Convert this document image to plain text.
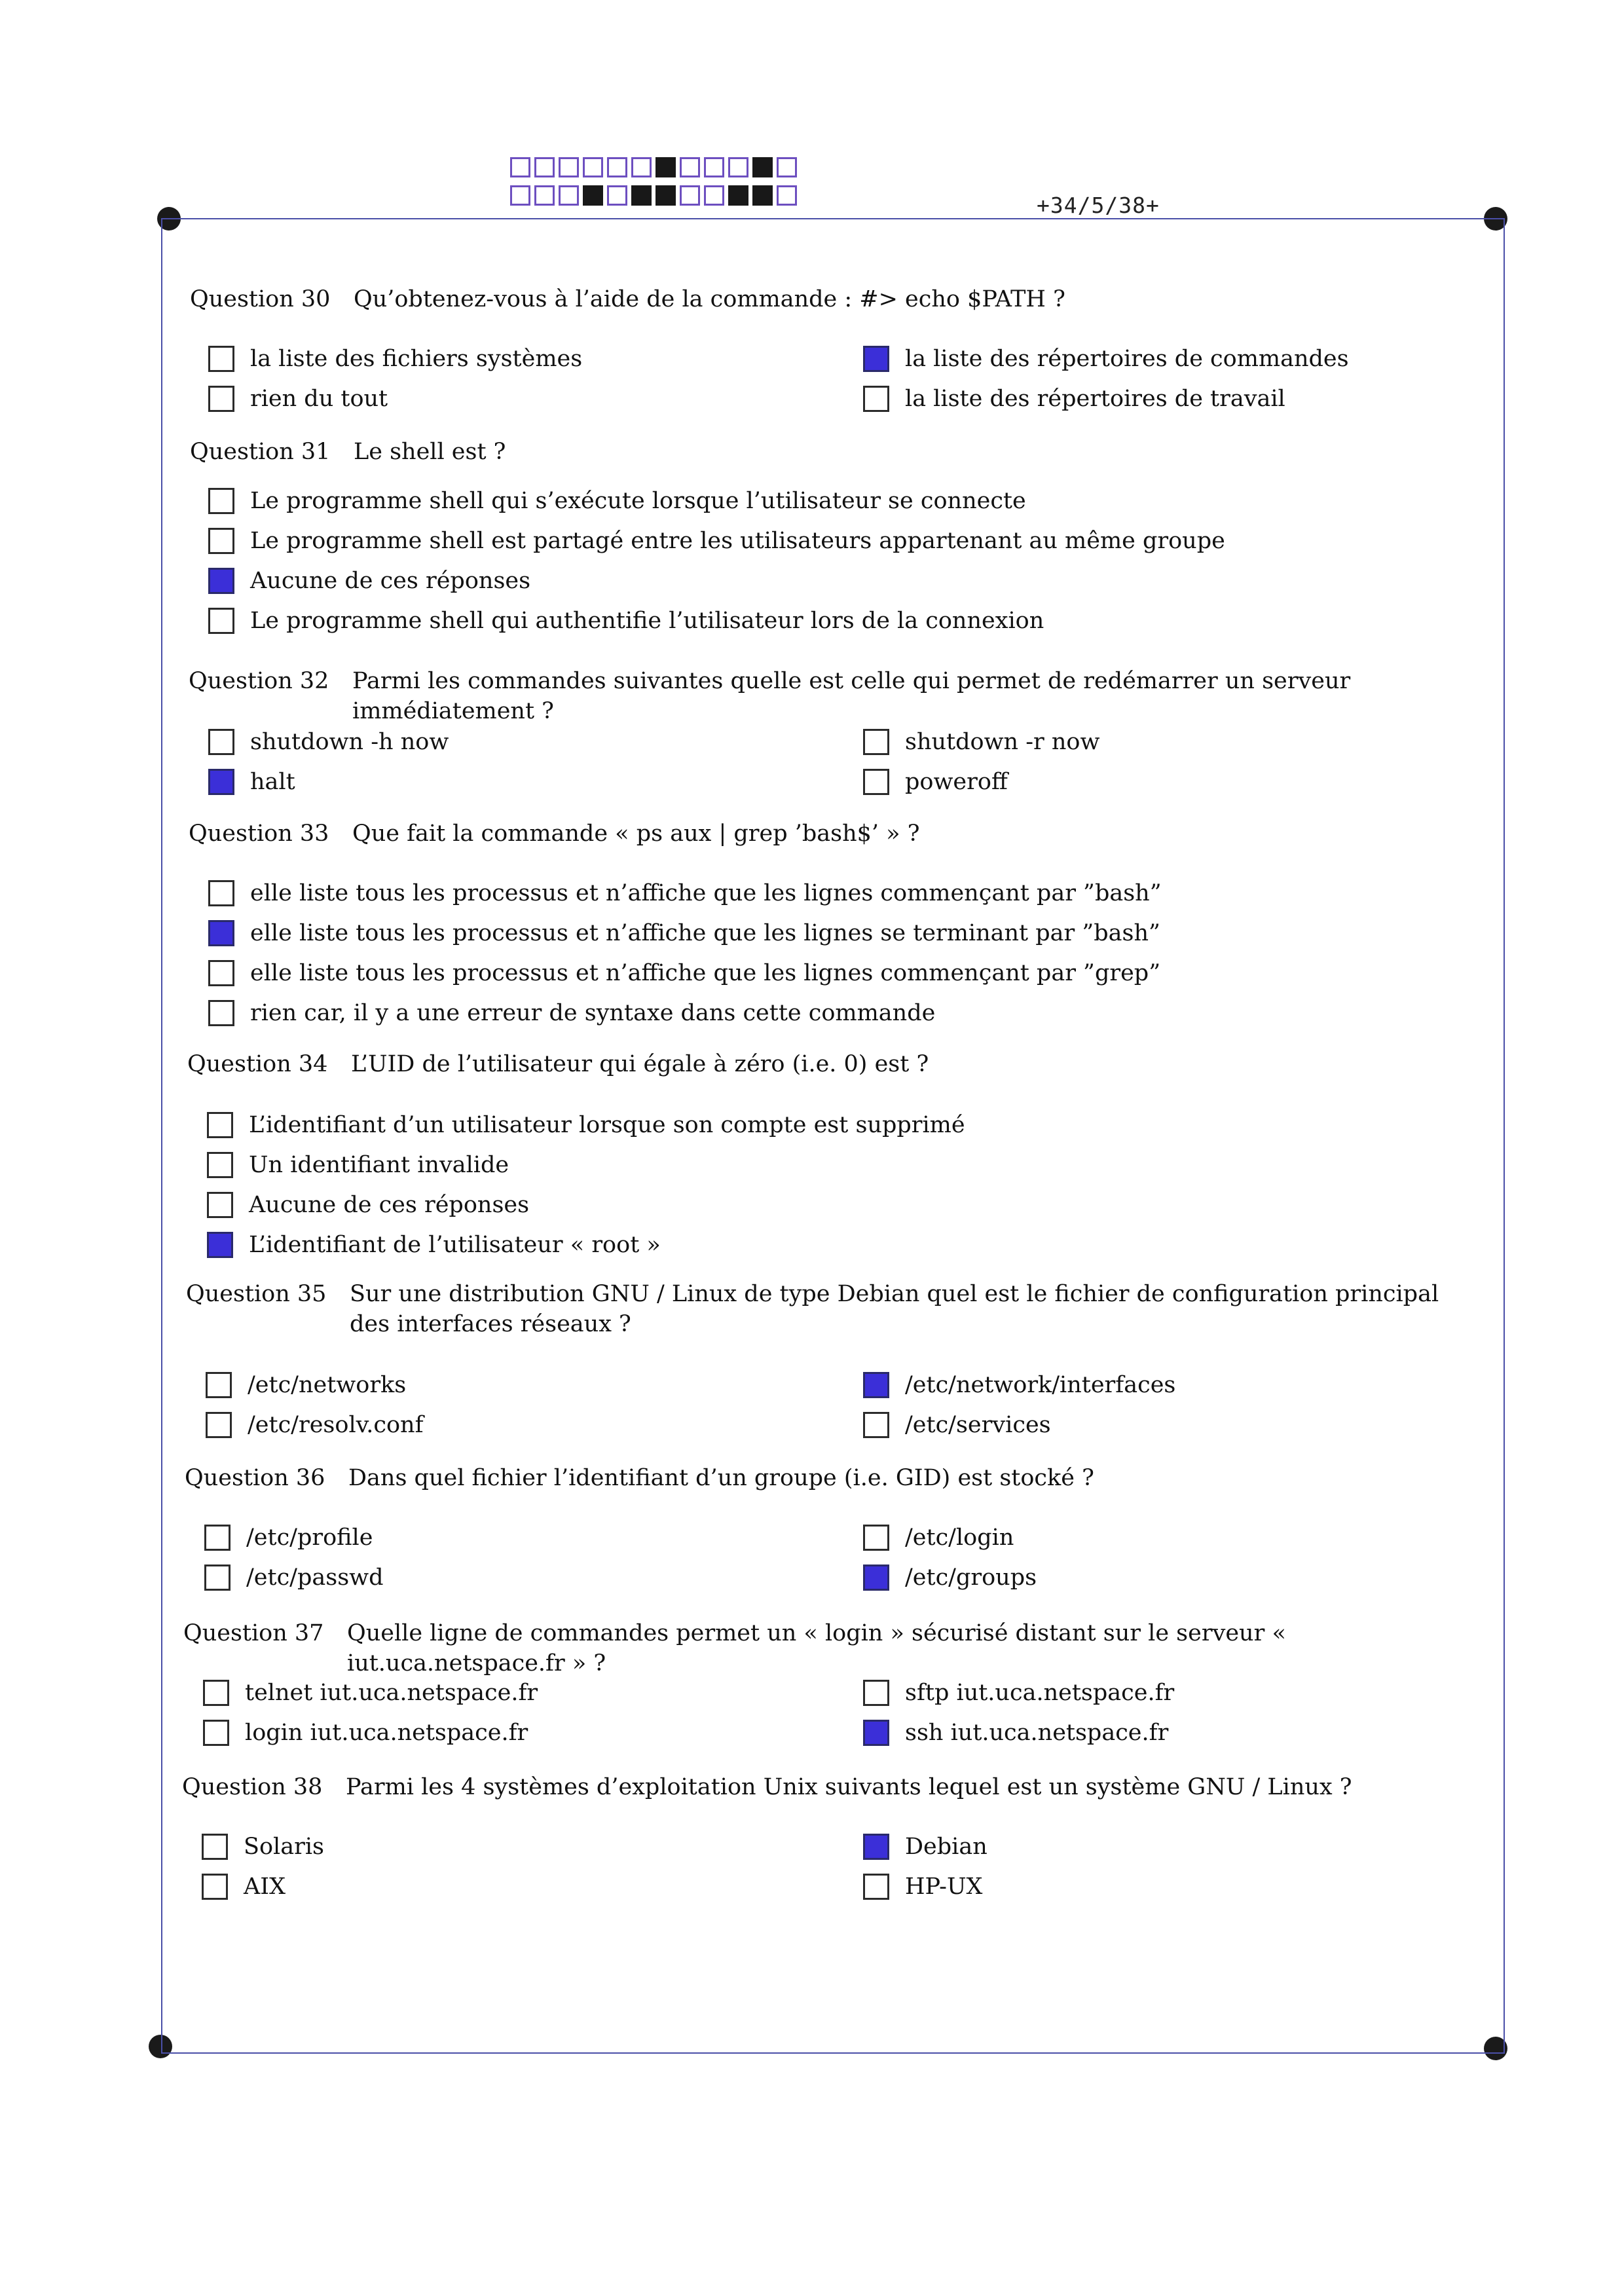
+34/5/38+
Question 30	Qu’obtenez-vous à l’aide de la commande : #> echo $PATH ?
la liste des fichiers systèmes	la liste des répertoires de commandes
rien du tout	la liste des répertoires de travail
Question 31	Le shell est ?
Le programme shell qui s’exécute lorsque l’utilisateur se connecte
Le programme shell est partagé entre les utilisateurs appartenant au même groupe
Aucune de ces réponses
Le programme shell qui authentifie l’utilisateur lors de la connexion
Question 32	Parmi les commandes suivantes quelle est celle qui permet de redémarrer un serveur immédiatement ?
shutdown -h now	shutdown -r now
halt	poweroff
Question 33	Que fait la commande « ps aux | grep ’bash$’ » ?
elle liste tous les processus et n’affiche que les lignes commençant par ”bash”
elle liste tous les processus et n’affiche que les lignes se terminant par ”bash”
elle liste tous les processus et n’affiche que les lignes commençant par ”grep”
rien car, il y a une erreur de syntaxe dans cette commande
Question 34	L’UID de l’utilisateur qui égale à zéro (i.e. 0) est ?
L’identifiant d’un utilisateur lorsque son compte est supprimé
Un identifiant invalide
Aucune de ces réponses
L’identifiant de l’utilisateur « root »
Question 35	Sur une distribution GNU / Linux de type Debian quel est le fichier de configuration principal des interfaces réseaux ?
/etc/networks	/etc/network/interfaces
/etc/resolv.conf	/etc/services
Question 36	Dans quel fichier l’identifiant d’un groupe (i.e. GID) est stocké ?
/etc/profile	/etc/login
/etc/passwd	/etc/groups
Question 37	Quelle ligne de commandes permet un « login » sécurisé distant sur le serveur « iut.uca.netspace.fr » ?
telnet iut.uca.netspace.fr	sftp iut.uca.netspace.fr
login iut.uca.netspace.fr	ssh iut.uca.netspace.fr
Question 38	Parmi les 4 systèmes d’exploitation Unix suivants lequel est un système GNU / Linux ?
Solaris	Debian
AIX	HP-UX
